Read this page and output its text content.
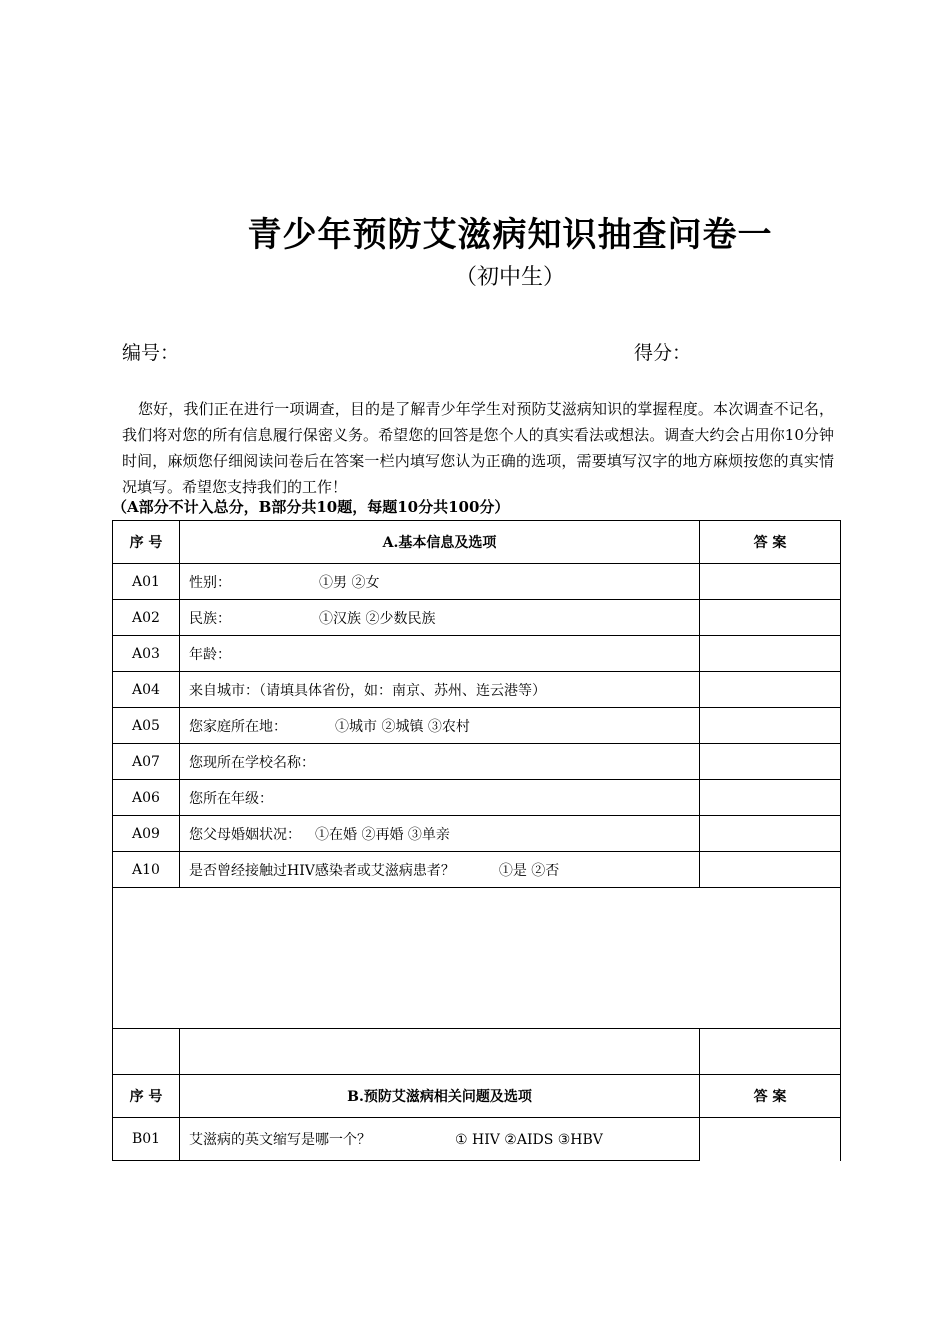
青少年预防艾滋病知识抽查问卷一
（初中生）
编号：	得分：
您好，我们正在进行一项调查，目的是了解青少年学生对预防艾滋病知识的掌握程度。本次调查不记名，我们将对您的所有信息履行保密义务。希望您的回答是您个人的真实看法或想法。调查大约会占用你10分钟时间，麻烦您仔细阅读问卷后在答案一栏内填写您认为正确的选项，需要填写汉字的地方麻烦按您的真实情况填写。希望您支持我们的工作！
（A部分不计入总分，B部分共10题，每题10分共100分）
序 号	A.基本信息及选项	答 案
A01	性别： ①男 ②女	
A02	民族： ①汉族 ②少数民族	
A03	年龄：	
A04	来自城市：（请填具体省份，如：南京、苏州、连云港等）	
A05	您家庭所在地： ①城市 ②城镇 ③农村	
A07	您现所在学校名称：	
A06	您所在年级：	
A09	您父母婚姻状况： ①在婚 ②再婚 ③单亲	
A10	是否曾经接触过HIV感染者或艾滋病患者？ ①是 ②否	

序 号	B.预防艾滋病相关问题及选项	答 案
B01	艾滋病的英文缩写是哪一个？ ① HIV ②AIDS ③HBV	
